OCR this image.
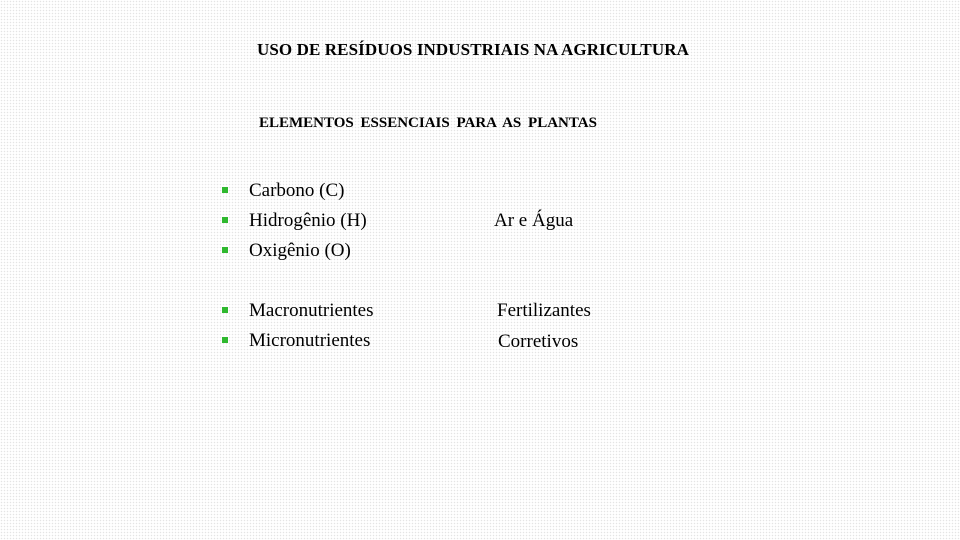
USO DE RESÍDUOS INDUSTRIAIS NA AGRICULTURA
ELEMENTOS ESSENCIAIS PARA AS PLANTAS
Carbono (C)
Hidrogênio (H)
Oxigênio (O)
Ar e Água
Macronutrientes
Micronutrientes
Fertilizantes
Corretivos
